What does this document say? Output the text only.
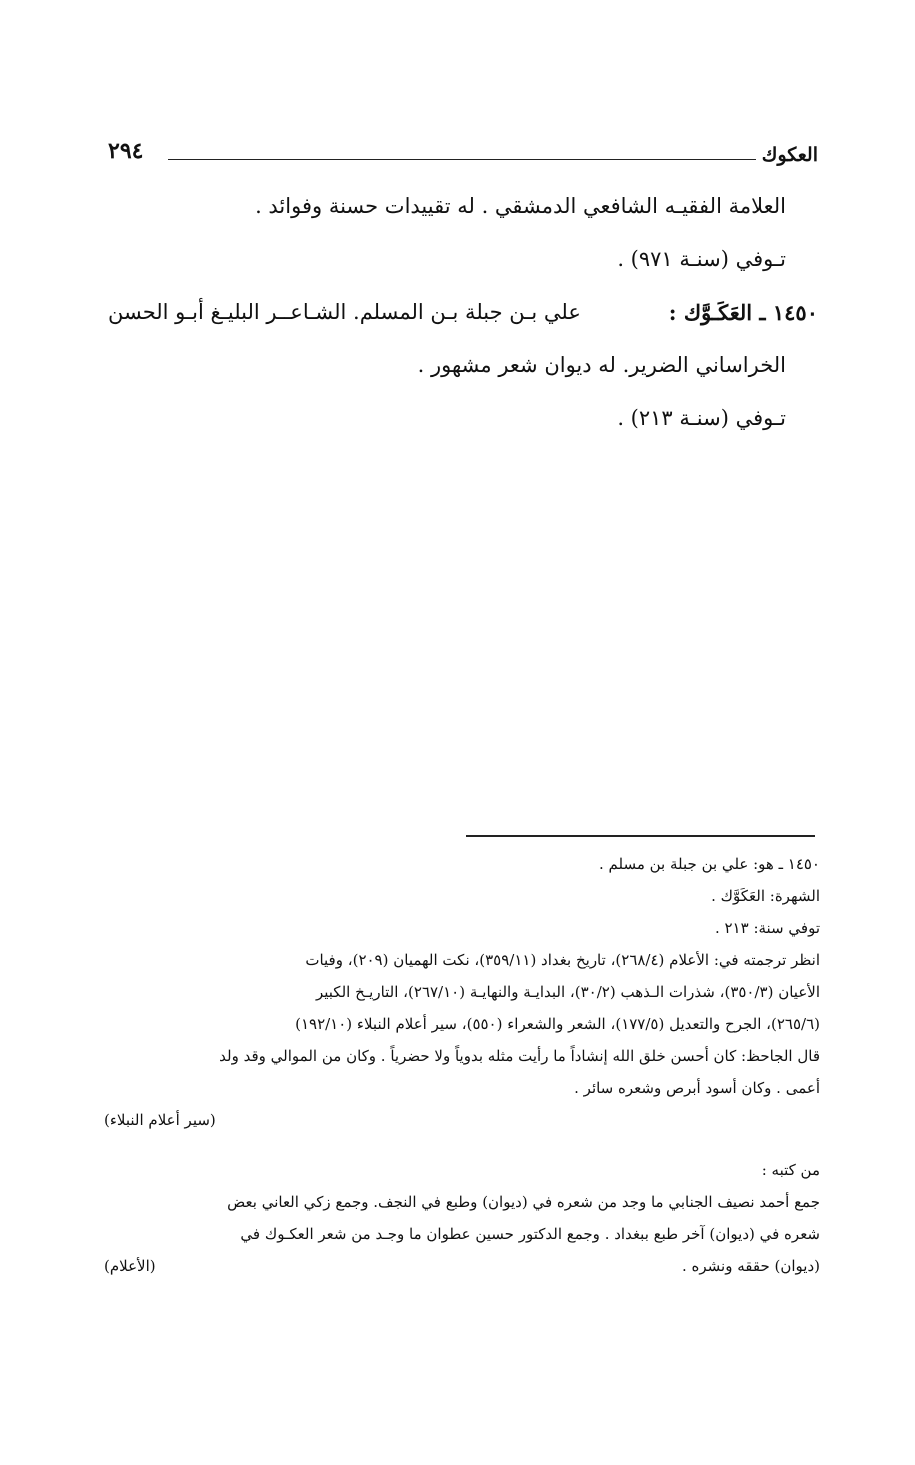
العكوك
٢٩٤
العلامة الفقيـه الشافعي الدمشقي . له تقييدات حسنة وفوائد .
تـوفي (سنـة ٩٧١) .
١٤٥٠ ـ العَكَـوَّك :
علي بـن جبلة بـن المسلم. الشـاعــر البليـغ أبـو الحسن
الخراساني الضرير. له ديوان شعر مشهور .
تـوفي (سنـة ٢١٣) .
١٤٥٠ ـ هو: علي بن جبلة بن مسلم .
الشهرة: العَكَوَّك .
توفي سنة: ٢١٣ .
انظر ترجمته في: الأعلام (٢٦٨/٤)، تاريخ بغداد (٣٥٩/١١)، نكت الهميان (٢٠٩)، وفيات
الأعيان (٣٥٠/٣)، شذرات الـذهب (٣٠/٢)، البدايـة والنهايـة (٢٦٧/١٠)، التاريـخ الكبير
(٢٦٥/٦)، الجرح والتعديل (١٧٧/٥)، الشعر والشعراء (٥٥٠)، سير أعلام النبلاء (١٩٢/١٠)
قال الجاحظ: كان أحسن خلق الله إنشاداً ما رأيت مثله بدوياً ولا حضرياً . وكان من الموالي وقد ولد
أعمى . وكان أسود أبرص وشعره سائر .
(سير أعلام النبلاء)
من كتبه :
جمع أحمد نصيف الجنابي ما وجد من شعره في (ديوان) وطبع في النجف. وجمع زكي العاني بعض
شعره في (ديوان) آخر طبع ببغداد . وجمع الدكتور حسين عطوان ما وجـد من شعر العكـوك في
(ديوان) حققه ونشره .
(الأعلام)
